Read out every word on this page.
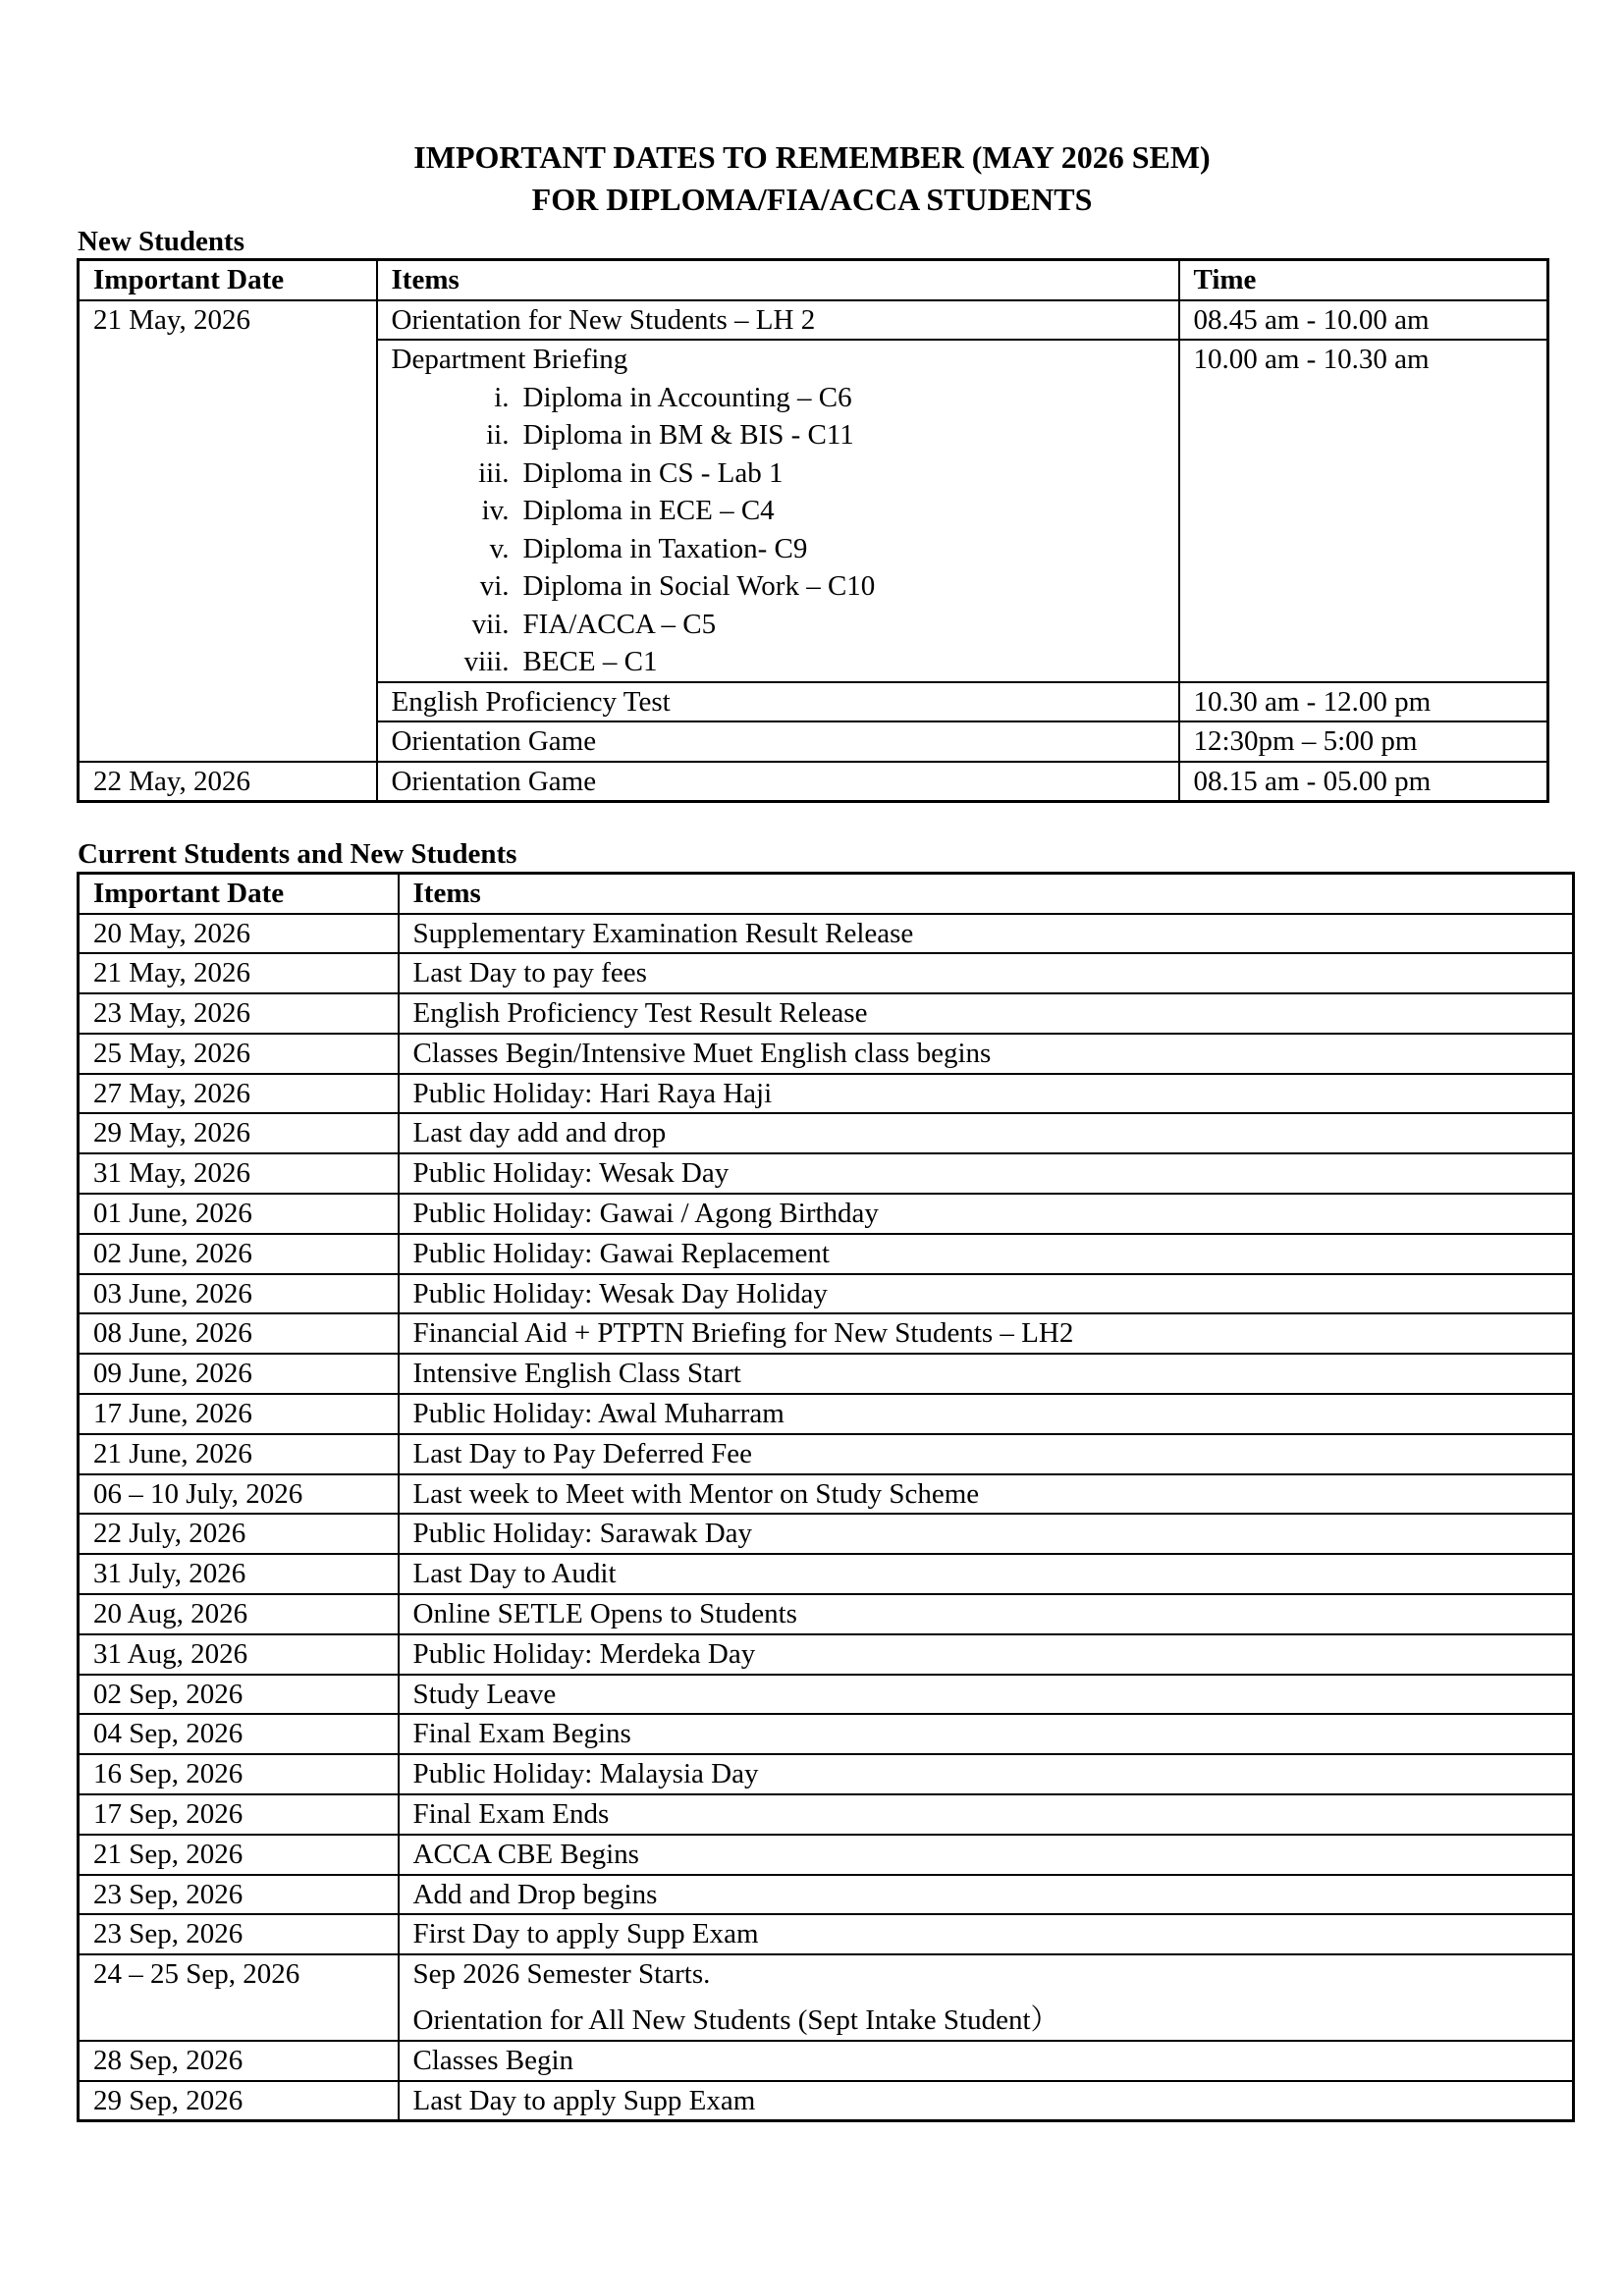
IMPORTANT DATES TO REMEMBER (MAY 2026 SEM)
FOR DIPLOMA/FIA/ACCA STUDENTS
New Students
Important Date	Items	Time
21 May, 2026	Orientation for New Students – LH 2	08.45 am - 10.00 am

Department Briefing
i. Diploma in Accounting – C6
ii. Diploma in BM & BIS - C11
iii. Diploma in CS - Lab 1
iv. Diploma in ECE – C4
v. Diploma in Taxation- C9
vi. Diploma in Social Work – C10
vii. FIA/ACCA – C5
viii. BECE – C1
	10.00 am - 10.30 am
	English Proficiency Test	10.30 am - 12.00 pm
	Orientation Game	12:30pm – 5:00 pm
22 May, 2026	Orientation Game	08.15 am - 05.00 pm
Current Students and New Students
Important Date	Items
20 May, 2026	Supplementary Examination Result Release
21 May, 2026	Last Day to pay fees
23 May, 2026	English Proficiency Test Result Release
25 May, 2026	Classes Begin/Intensive Muet English class begins
27 May, 2026	Public Holiday: Hari Raya Haji
29 May, 2026	Last day add and drop
31 May, 2026	Public Holiday: Wesak Day
01 June, 2026	Public Holiday: Gawai / Agong Birthday
02 June, 2026	Public Holiday: Gawai Replacement
03 June, 2026	Public Holiday: Wesak Day Holiday
08 June, 2026	Financial Aid + PTPTN Briefing for New Students – LH2
09 June, 2026	Intensive English Class Start
17 June, 2026	Public Holiday: Awal Muharram
21 June, 2026	Last Day to Pay Deferred Fee
06 – 10 July, 2026	Last week to Meet with Mentor on Study Scheme
22 July, 2026	Public Holiday: Sarawak Day
31 July, 2026	Last Day to Audit
20 Aug, 2026	Online SETLE Opens to Students
31 Aug, 2026	Public Holiday: Merdeka Day
02 Sep, 2026	Study Leave
04 Sep, 2026	Final Exam Begins
16 Sep, 2026	Public Holiday: Malaysia Day
17 Sep, 2026	Final Exam Ends
21 Sep, 2026	ACCA CBE Begins
23 Sep, 2026	Add and Drop begins
23 Sep, 2026	First Day to apply Supp Exam
24 – 25 Sep, 2026	Sep 2026 Semester Starts.
Orientation for All New Students (Sept Intake Student）

28 Sep, 2026	Classes Begin
29 Sep, 2026	Last Day to apply Supp Exam
